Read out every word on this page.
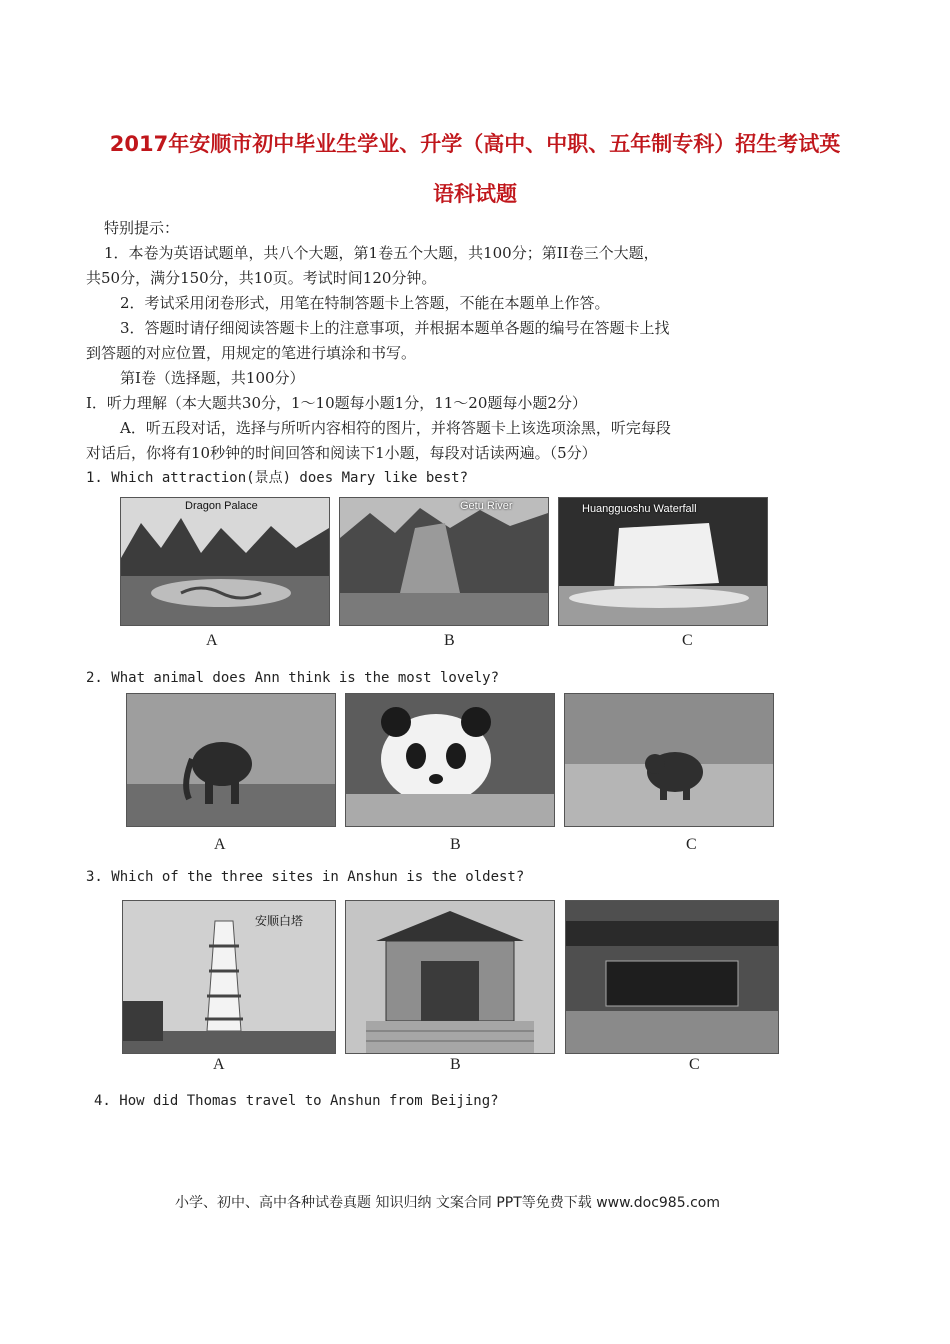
2017年安顺市初中毕业生学业、升学（高中、中职、五年制专科）招生考试英
语科试题
特别提示：
1．本卷为英语试题单，共八个大题，第1卷五个大题，共100分；第II卷三个大题，
共50分，满分150分，共10页。考试时间120分钟。
2．考试采用闭卷形式，用笔在特制答题卡上答题，不能在本题单上作答。
3．答题时请仔细阅读答题卡上的注意事项，并根据本题单各题的编号在答题卡上找
到答题的对应位置，用规定的笔进行填涂和书写。
第Ⅰ卷（选择题，共100分）
I．听力理解（本大题共30分，1～10题每小题1分，11～20题每小题2分）
A．听五段对话，选择与所听内容相符的图片，并将答题卡上该选项涂黑，听完每段
对话后，你将有10秒钟的时间回答和阅读下1小题，每段对话读两遍。（5分）
1. Which attraction(景点) does Mary like best?
Dragon Palace	Getu River	Huangguoshu Waterfall
A	B	C
2. What animal does Ann think is the most lovely?
A	B	C
3. Which of the three sites in Anshun is the oldest?
安顺白塔
A	B	C
4. How did Thomas travel to Anshun from Beijing?
小学、初中、高中各种试卷真题 知识归纳 文案合同 PPT等免费下载 www.doc985.com
